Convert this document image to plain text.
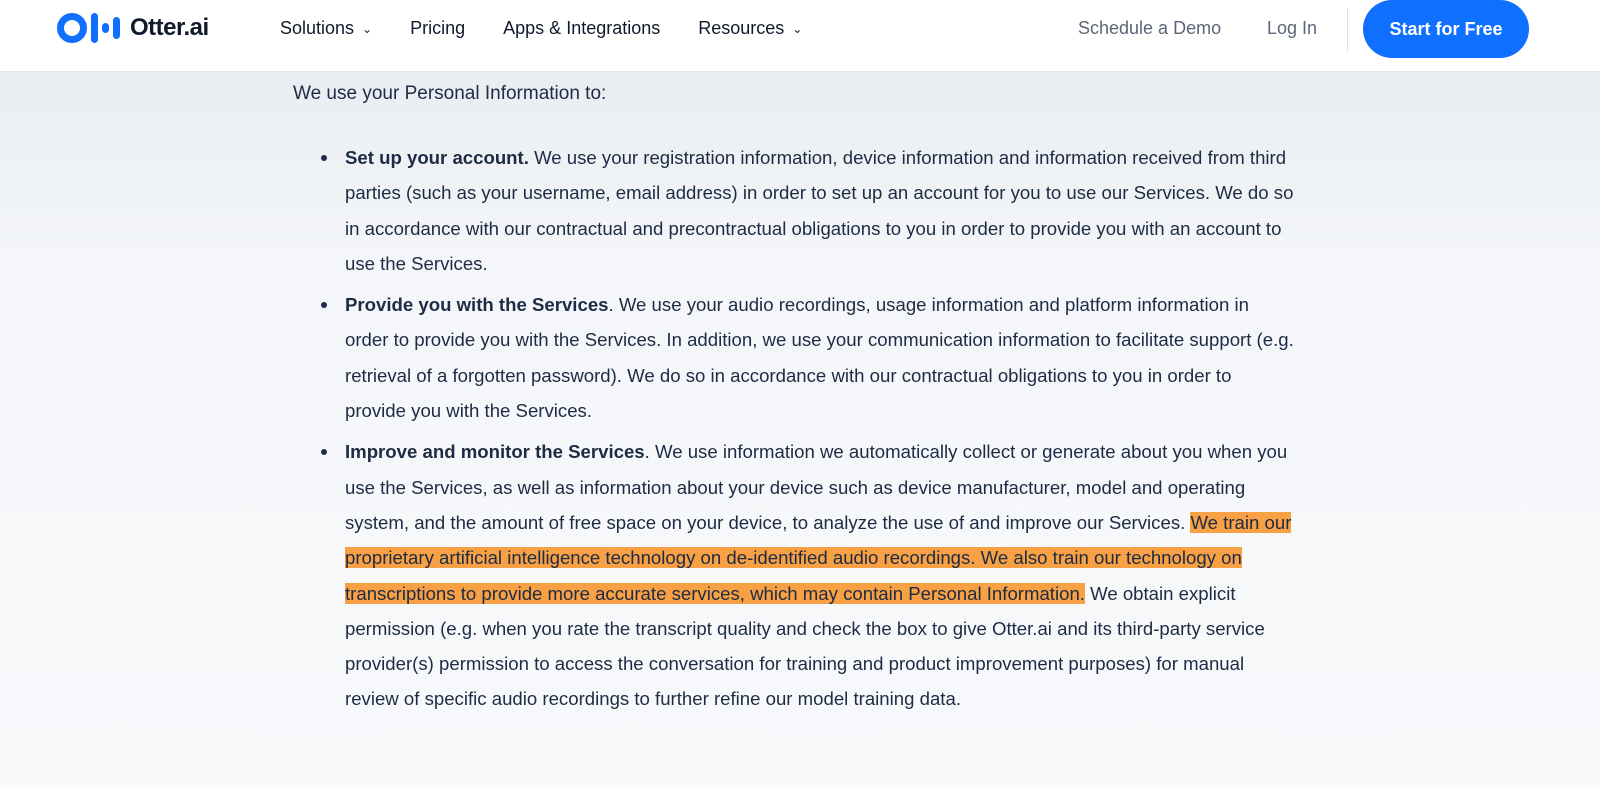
Otter.ai	Solutions ⌄ Pricing Apps & Integrations Resources ⌄	Schedule a Demo	Log In	Start for Free

We use your Personal Information to:

Set up your account. We use your registration information, device information and information received from third parties (such as your username, email address) in order to set up an account for you to use our Services. We do so in accordance with our contractual and precontractual obligations to you in order to provide you with an account to use the Services.
Provide you with the Services. We use your audio recordings, usage information and platform information in order to provide you with the Services. In addition, we use your communication information to facilitate support (e.g. retrieval of a forgotten password). We do so in accordance with our contractual obligations to you in order to provide you with the Services.
Improve and monitor the Services. We use information we automatically collect or generate about you when you use the Services, as well as information about your device such as device manufacturer, model and operating system, and the amount of free space on your device, to analyze the use of and improve our Services. We train our proprietary artificial intelligence technology on de-identified audio recordings. We also train our technology on transcriptions to provide more accurate services, which may contain Personal Information. We obtain explicit permission (e.g. when you rate the transcript quality and check the box to give Otter.ai and its third-party service provider(s) permission to access the conversation for training and product improvement purposes) for manual review of specific audio recordings to further refine our model training data.
